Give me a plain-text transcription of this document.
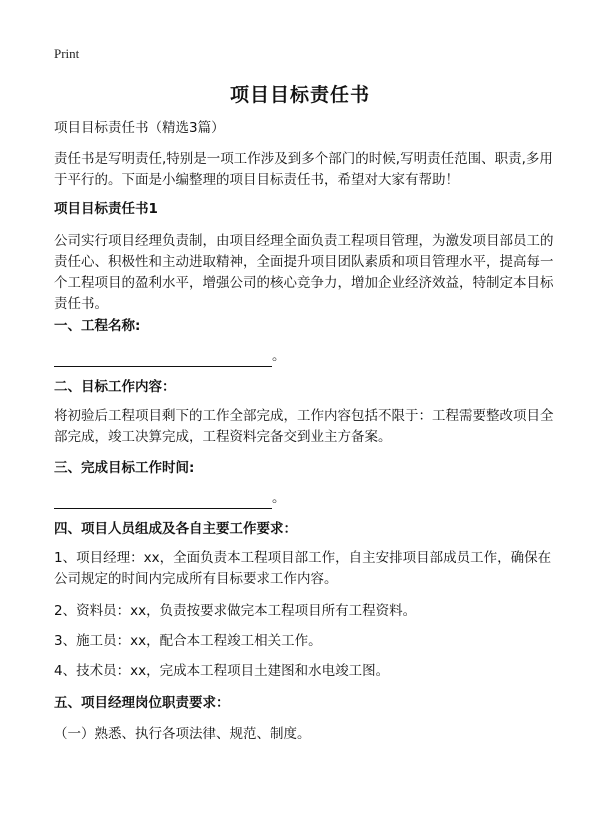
Print
项目目标责任书

项目目标责任书（精选3篇）

责任书是写明责任,特别是一项工作涉及到多个部门的时候,写明责任范围、职责,多用于平行的。下面是小编整理的项目目标责任书，希望对大家有帮助！

项目目标责任书1

公司实行项目经理负责制，由项目经理全面负责工程项目管理，为激发项目部员工的责任心、积极性和主动进取精神，全面提升项目团队素质和项目管理水平，提高每一个工程项目的盈利水平，增强公司的核心竞争力，增加企业经济效益，特制定本目标责任书。

一、工程名称:

。

二、目标工作内容：

将初验后工程项目剩下的工作全部完成，工作内容包括不限于：工程需要整改项目全部完成，竣工决算完成，工程资料完备交到业主方备案。

三、完成目标工作时间:

。

四、项目人员组成及各自主要工作要求：

1、项目经理：xx，全面负责本工程项目部工作，自主安排项目部成员工作，确保在公司规定的时间内完成所有目标要求工作内容。

2、资料员：xx，负责按要求做完本工程项目所有工程资料。

3、施工员：xx，配合本工程竣工相关工作。

4、技术员：xx，完成本工程项目土建图和水电竣工图。

五、项目经理岗位职责要求：

（一）熟悉、执行各项法律、规范、制度。
